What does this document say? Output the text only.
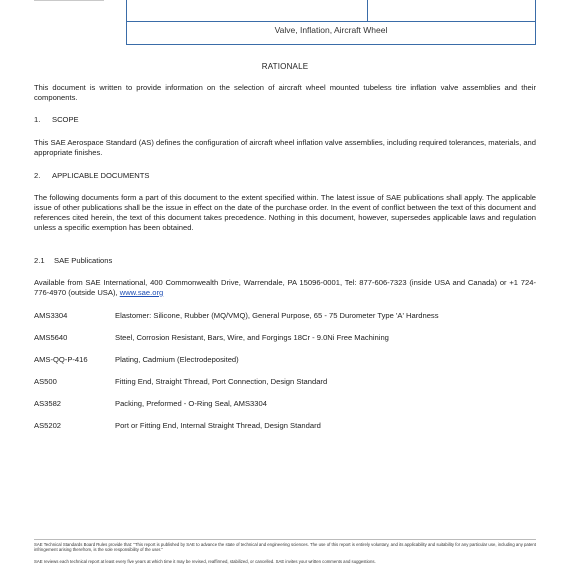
Valve, Inflation, Aircraft Wheel
RATIONALE

This document is written to provide information on the selection of aircraft wheel mounted tubeless tire inflation valve assemblies and their components.

1. SCOPE

This SAE Aerospace Standard (AS) defines the configuration of aircraft wheel inflation valve assemblies, including required tolerances, materials, and appropriate finishes.

2. APPLICABLE DOCUMENTS

The following documents form a part of this document to the extent specified within. The latest issue of SAE publications shall apply. The applicable issue of other publications shall be the issue in effect on the date of the purchase order. In the event of conflict between the text of this document and references cited herein, the text of this document takes precedence. Nothing in this document, however, supersedes applicable laws and regulation unless a specific exemption has been obtained.

2.1 SAE Publications

Available from SAE International, 400 Commonwealth Drive, Warrendale, PA 15096-0001, Tel: 877-606-7323 (inside USA and Canada) or +1 724-776-4970 (outside USA), www.sae.org

AMS3304	Elastomer: Silicone, Rubber (MQ/VMQ), General Purpose, 65 - 75 Durometer Type 'A' Hardness
AMS5640	Steel, Corrosion Resistant, Bars, Wire, and Forgings 18Cr - 9.0Ni Free Machining
AMS-QQ-P-416	Plating, Cadmium (Electrodeposited)
AS500	Fitting End, Straight Thread, Port Connection, Design Standard
AS3582	Packing, Preformed - O-Ring Seal, AMS3304
AS5202	Port or Fitting End, Internal Straight Thread, Design Standard

SAE Technical Standards Board Rules provide that: "This report is published by SAE to advance the state of technical and engineering sciences. The use of this report is entirely voluntary, and its applicability and suitability for any particular use, including any patent infringement arising therefrom, is the sole responsibility of the user."

SAE reviews each technical report at least every five years at which time it may be revised, reaffirmed, stabilized, or cancelled. SAE invites your written comments and suggestions.
